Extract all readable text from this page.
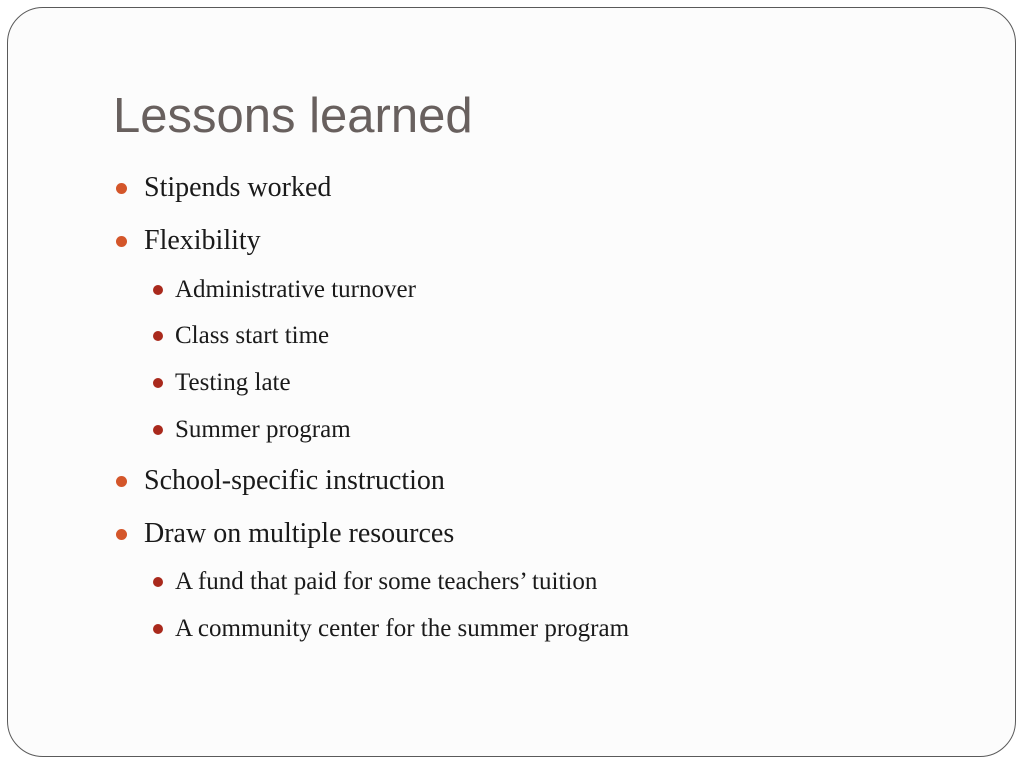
Lessons learned
Stipends worked
Flexibility
Administrative turnover
Class start time
Testing late
Summer program
School-specific instruction
Draw on multiple resources
A fund that paid for some teachers’ tuition
A community center for the summer program
